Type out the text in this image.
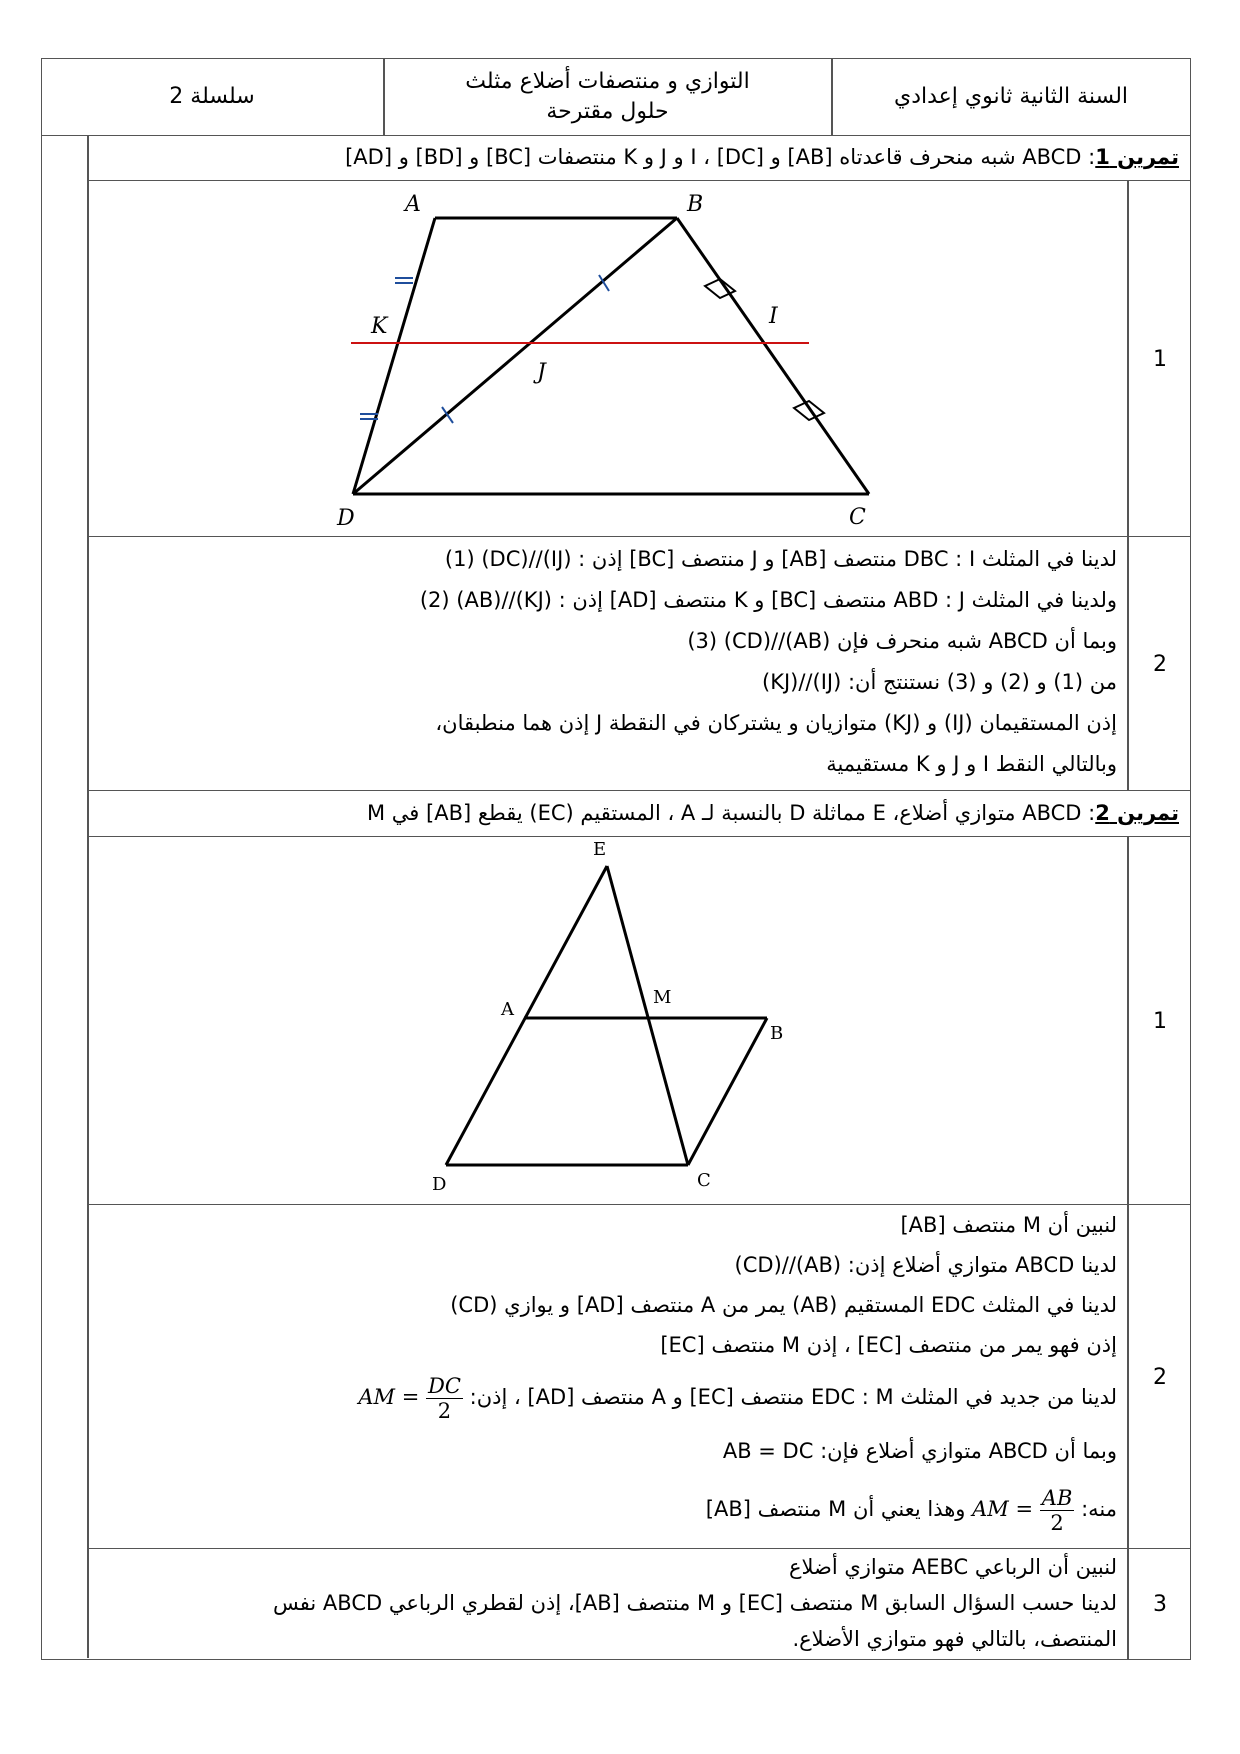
السنة الثانية ثانوي إعدادي
التوازي و منتصفات أضلاع مثلث
حلول مقترحة
سلسلة 2
تمرين 1: ABCD شبه منحرف قاعدتاه [AB] و [DC] ، I و J و K منتصفات [BC] و [BD] و [AD]
1
A	B
C
D
I
J
K
2
لدينا في المثلث DBC : I منتصف [AB] و J منتصف [BC] إذن : (IJ)//(DC) (1)
ولدينا في المثلث ABD : J منتصف [BC] و K منتصف [AD] إذن : (KJ)//(AB) (2)
وبما أن ABCD شبه منحرف فإن (AB)//(CD) (3)
من (1) و (2) و (3) نستنتج أن: (IJ)//(KJ)
إذن المستقيمان (IJ) و (KJ) متوازيان و يشتركان في النقطة J إذن هما منطبقان،
وبالتالي النقط I و J و K مستقيمية
تمرين 2: ABCD متوازي أضلاع، E مماثلة D بالنسبة لـ A ، المستقيم (EC) يقطع [AB] في M
1
E
A
M
B
D	C
2
لنبين أن M منتصف [AB]
لدينا ABCD متوازي أضلاع إذن: (AB)//(CD)
لدينا في المثلث EDC المستقيم (AB) يمر من A منتصف [AD] و يوازي (CD)
إذن فهو يمر من منتصف [EC] ، إذن M منتصف [EC]
لدينا من جديد في المثلث EDC : M منتصف [EC] و A منتصف [AD] ، إذن: AM = $\frac{DC}{2}$
وبما أن ABCD متوازي أضلاع فإن: AB = DC
منه: AM = $\frac{AB}{2}$
وهذا يعني أن M منتصف [AB]
3
لنبين أن الرباعي AEBC متوازي أضلاع
لدينا حسب السؤال السابق M منتصف [EC] و M منتصف [AB]، إذن لقطري الرباعي ABCD نفس
المنتصف، بالتالي فهو متوازي الأضلاع.
